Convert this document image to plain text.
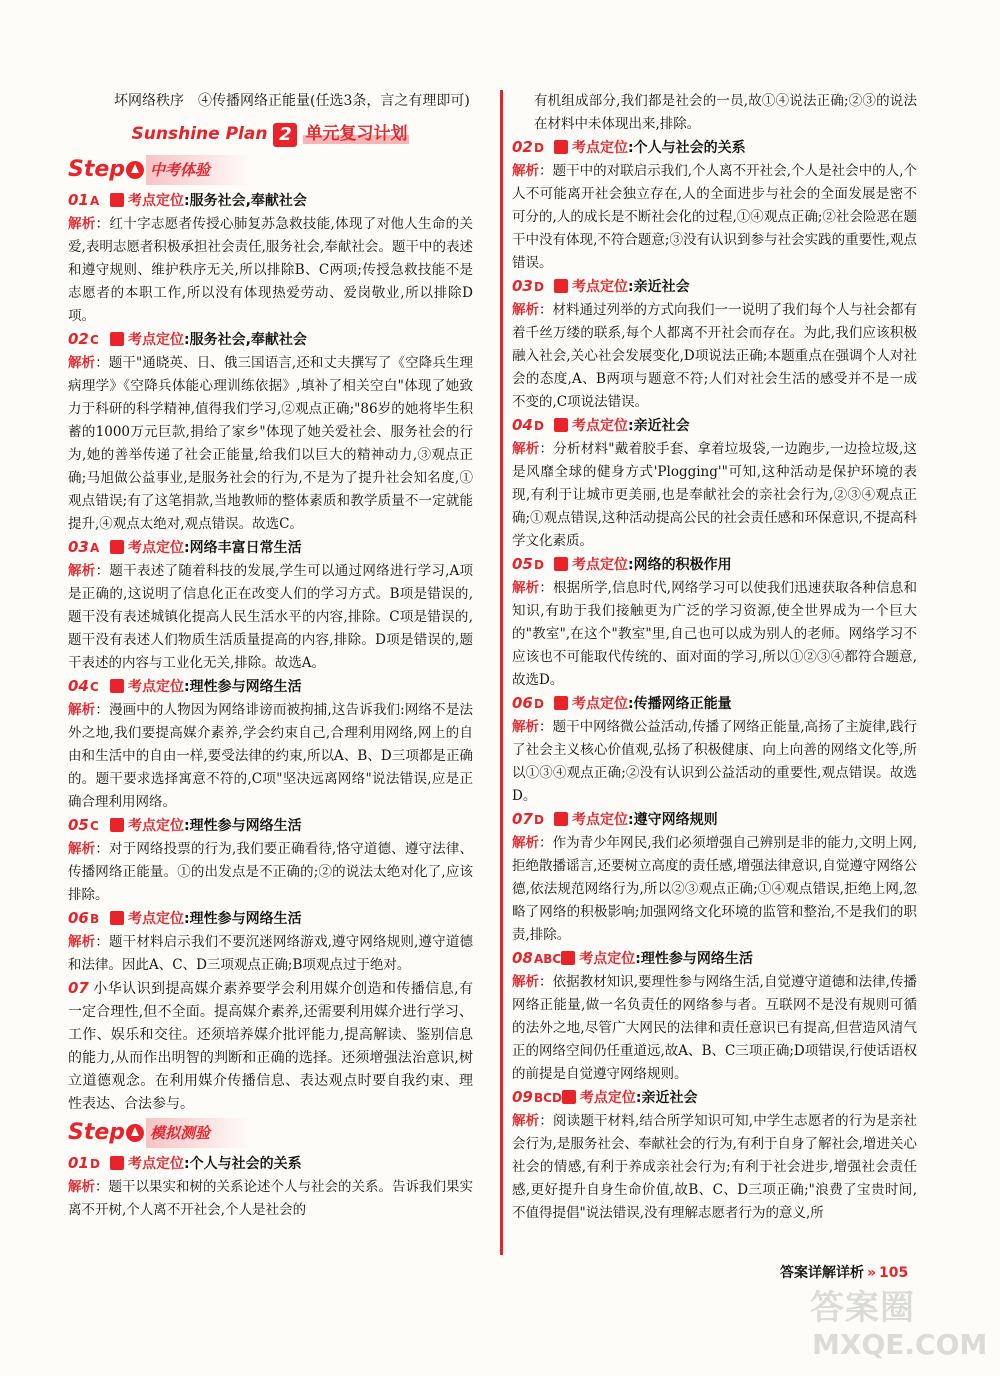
坏网络秩序　④传播网络正能量(任选3条，言之有理即可)
Sunshine Plan 2 单元复习计划
Step 中考体验
01A 考点定位:服务社会,奉献社会
解析：红十字志愿者传授心肺复苏急救技能,体现了对他人生命的关爱,表明志愿者积极承担社会责任,服务社会,奉献社会。题干中的表述和遵守规则、维护秩序无关,所以排除B、C两项;传授急救技能不是志愿者的本职工作,所以没有体现热爱劳动、爱岗敬业,所以排除D项。
02C 考点定位:服务社会,奉献社会
解析：题干"通晓英、日、俄三国语言,还和丈夫撰写了《空降兵生理病理学》《空降兵体能心理训练依据》,填补了相关空白"体现了她致力于科研的科学精神,值得我们学习,②观点正确;"86岁的她将毕生积蓄的1000万元巨款,捐给了家乡"体现了她关爱社会、服务社会的行为,她的善举传递了社会正能量,给我们以巨大的精神动力,③观点正确;马旭做公益事业,是服务社会的行为,不是为了提升社会知名度,①观点错误;有了这笔捐款,当地教师的整体素质和教学质量不一定就能提升,④观点太绝对,观点错误。故选C。
03A 考点定位:网络丰富日常生活
解析：题干表述了随着科技的发展,学生可以通过网络进行学习,A项是正确的,这说明了信息化正在改变人们的学习方式。B项是错误的,题干没有表述城镇化提高人民生活水平的内容,排除。C项是错误的,题干没有表述人们物质生活质量提高的内容,排除。D项是错误的,题干表述的内容与工业化无关,排除。故选A。
04C 考点定位:理性参与网络生活
解析：漫画中的人物因为网络诽谤而被拘捕,这告诉我们:网络不是法外之地,我们要提高媒介素养,学会约束自己,合理利用网络,网上的自由和生活中的自由一样,要受法律的约束,所以A、B、D三项都是正确的。题干要求选择寓意不符的,C项"坚决远离网络"说法错误,应是正确合理利用网络。
05C 考点定位:理性参与网络生活
解析：对于网络投票的行为,我们要正确看待,恪守道德、遵守法律、传播网络正能量。①的出发点是不正确的;②的说法太绝对化了,应该排除。
06B 考点定位:理性参与网络生活
解析：题干材料启示我们不要沉迷网络游戏,遵守网络规则,遵守道德和法律。因此A、C、D三项观点正确;B项观点过于绝对。
07 小华认识到提高媒介素养要学会利用媒介创造和传播信息,有一定合理性,但不全面。提高媒介素养,还需要利用媒介进行学习、工作、娱乐和交往。还须培养媒介批评能力,提高解读、鉴别信息的能力,从而作出明智的判断和正确的选择。还须增强法治意识,树立道德观念。在利用媒介传播信息、表达观点时要自我约束、理性表达、合法参与。
Step 模拟测验
01D 考点定位:个人与社会的关系
解析：题干以果实和树的关系论述个人与社会的关系。告诉我们果实离不开树,个人离不开社会,个人是社会的
有机组成部分,我们都是社会的一员,故①④说法正确;②③的说法在材料中未体现出来,排除。
02D 考点定位:个人与社会的关系
解析：题干中的对联启示我们,个人离不开社会,个人是社会中的人,个人不可能离开社会独立存在,人的全面进步与社会的全面发展是密不可分的,人的成长是不断社会化的过程,①④观点正确;②社会险恶在题干中没有体现,不符合题意;③没有认识到参与社会实践的重要性,观点错误。
03D 考点定位:亲近社会
解析：材料通过列举的方式向我们一一说明了我们每个人与社会都有着千丝万缕的联系,每个人都离不开社会而存在。为此,我们应该积极融入社会,关心社会发展变化,D项说法正确;本题重点在强调个人对社会的态度,A、B两项与题意不符;人们对社会生活的感受并不是一成不变的,C项说法错误。
04D 考点定位:亲近社会
解析：分析材料"戴着胶手套、拿着垃圾袋,一边跑步,一边捡垃圾,这是风靡全球的健身方式'Plogging'"可知,这种活动是保护环境的表现,有利于让城市更美丽,也是奉献社会的亲社会行为,②③④观点正确;①观点错误,这种活动提高公民的社会责任感和环保意识,不提高科学文化素质。
05D 考点定位:网络的积极作用
解析：根据所学,信息时代,网络学习可以使我们迅速获取各种信息和知识,有助于我们接触更为广泛的学习资源,使全世界成为一个巨大的"教室",在这个"教室"里,自己也可以成为别人的老师。网络学习不应该也不可能取代传统的、面对面的学习,所以①②③④都符合题意,故选D。
06D 考点定位:传播网络正能量
解析：题干中网络微公益活动,传播了网络正能量,高扬了主旋律,践行了社会主义核心价值观,弘扬了积极健康、向上向善的网络文化等,所以①③④观点正确;②没有认识到公益活动的重要性,观点错误。故选D。
07D 考点定位:遵守网络规则
解析：作为青少年网民,我们必须增强自己辨别是非的能力,文明上网,拒绝散播谣言,还要树立高度的责任感,增强法律意识,自觉遵守网络公德,依法规范网络行为,所以②③观点正确;①④观点错误,拒绝上网,忽略了网络的积极影响;加强网络文化环境的监管和整治,不是我们的职责,排除。
08ABC 考点定位:理性参与网络生活
解析：依据教材知识,要理性参与网络生活,自觉遵守道德和法律,传播网络正能量,做一名负责任的网络参与者。互联网不是没有规则可循的法外之地,尽管广大网民的法律和责任意识已有提高,但营造风清气正的网络空间仍任重道远,故A、B、C三项正确;D项错误,行使话语权的前提是自觉遵守网络规则。
09BCD 考点定位:亲近社会
解析：阅读题干材料,结合所学知识可知,中学生志愿者的行为是亲社会行为,是服务社会、奉献社会的行为,有利于自身了解社会,增进关心社会的情感,有利于养成亲社会行为;有利于社会进步,增强社会责任感,更好提升自身生命价值,故B、C、D三项正确;"浪费了宝贵时间,不值得提倡"说法错误,没有理解志愿者行为的意义,所
答案详解详析 » 105
答案圈
MXQE.COM
